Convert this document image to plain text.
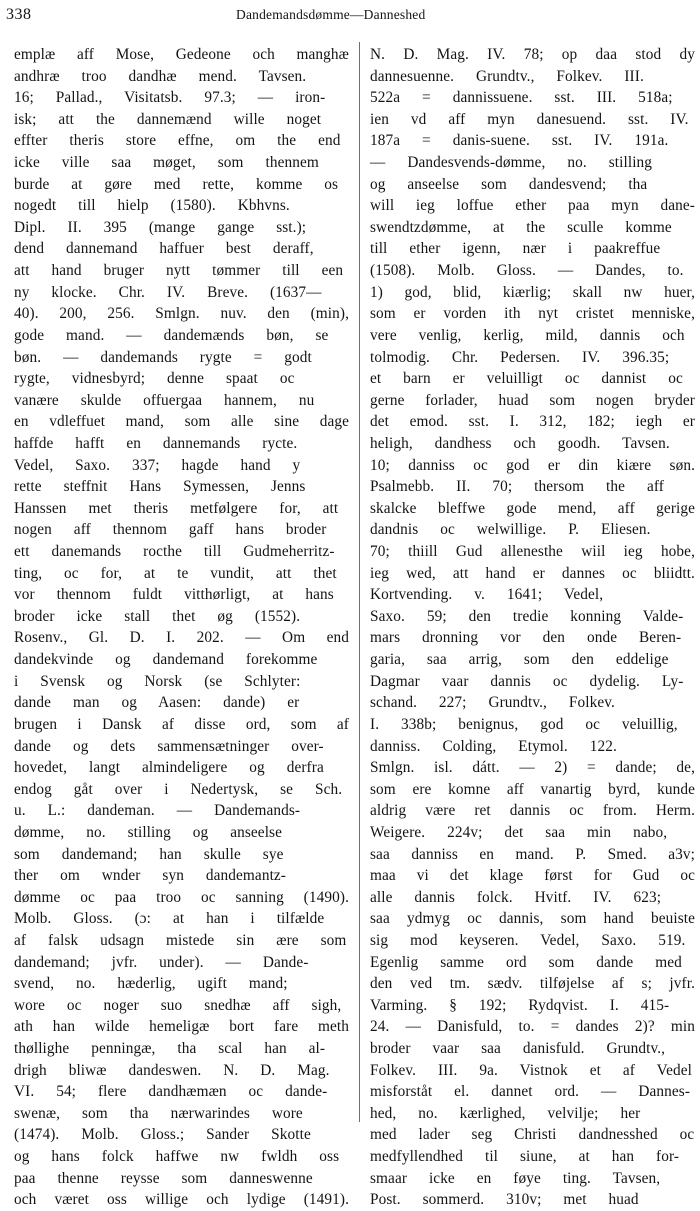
338	Dandemandsdømme—Danneshed
emplæ aff Mose, Gedeone och manghæ
andhræ troo dandhæ mend. Tavsen.
16; Pallad., Visitatsb. 97.3; — iron-
isk; att the dannemænd wille noget
effter theris store effne, om the end
icke ville saa møget, som thennem
burde at gøre med rette, komme os
nogedt till hielp (1580). Kbhvns.
Dipl. II. 395 (mange gange sst.);
dend dannemand haffuer best deraff,
att hand bruger nytt tømmer till een
ny klocke. Chr. IV. Breve. (1637—
40). 200, 256. Smlgn. nuv. den (min),
gode mand. — dandemænds bøn, se
bøn. — dandemands rygte = godt
rygte, vidnesbyrd; denne spaat oc
vanære skulde offuergaa hannem, nu
en vdleffuet mand, som alle sine dage
haffde hafft en dannemands rycte.
Vedel, Saxo. 337; hagde hand y
rette steffnit Hans Symessen, Jenns
Hanssen met theris metfølgere for, att
nogen aff thennom gaff hans broder
ett danemands rocthe till Gudmeherritz-
ting, oc for, at te vundit, att thet
vor thennom fuldt vitthørligt, at hans
broder icke stall thet øg (1552).
Rosenv., Gl. D. I. 202. — Om end
dandekvinde og dandemand forekomme
i Svensk og Norsk (se Schlyter:
dande man og Aasen: dande) er
brugen i Dansk af disse ord, som af
dande og dets sammensætninger over-
hovedet, langt almindeligere og derfra
endog gåt over i Nedertysk, se Sch.
u. L.: dandeman. — Dandemands-
dømme, no. stilling og anseelse
som dandemand; han skulle sye
ther om wnder syn dandemantz-
dømme oc paa troo oc sanning (1490).
Molb. Gloss. (ɔ: at han i tilfælde
af falsk udsagn mistede sin ære som
dandemand; jvfr. under). — Dande-
svend, no. hæderlig, ugift mand;
wore oc noger suo snedhæ aff sigh,
ath han wilde hemeligæ bort fare meth
thøllighe penningæ, tha scal han al-
drigh bliwæ dandeswen. N. D. Mag.
VI. 54; flere dandhæmæn oc dande-
swenæ, som tha nærwarindes wore
(1474). Molb. Gloss.; Sander Skotte
og hans folck haffwe nw fwldh oss
paa thenne reysse som danneswenne
och været oss willige och lydige (1491).
N. D. Mag. IV. 78; op daa stod dy
dannesuenne. Grundtv., Folkev. III.
522a = dannissuene. sst. III. 518a;
ien vd aff myn danesuend. sst. IV.
187a = danis-suene. sst. IV. 191a.
— Dandesvends-dømme, no. stilling
og anseelse som dandesvend; tha
will ieg loffue ether paa myn dane-
swendtzdømme, at the sculle komme
till ether igenn, nær i paakreffue
(1508). Molb. Gloss. — Dandes, to.
1) god, blid, kiærlig; skall nw huer,
som er vorden ith nyt cristet menniske,
vere venlig, kerlig, mild, dannis och
tolmodig. Chr. Pedersen. IV. 396.35;
et barn er veluilligt oc dannist oc
gerne forlader, huad som nogen bryder
det emod. sst. I. 312, 182; iegh er
heligh, dandhess och goodh. Tavsen.
10; danniss oc god er din kiære søn.
Psalmebb. II. 70; thersom the aff
skalcke bleffwe gode mend, aff gerige
dandnis oc welwillige. P. Eliesen.
70; thiill Gud allenesthe wiil ieg hobe,
ieg wed, att hand er dannes oc bliidtt.
Kortvending. v. 1641; Vedel,
Saxo. 59; den tredie konning Valde-
mars dronning vor den onde Beren-
garia, saa arrig, som den eddelige
Dagmar vaar dannis oc dydelig. Ly-
schand. 227; Grundtv., Folkev.
I. 338b; benignus, god oc veluillig,
danniss. Colding, Etymol. 122.
Smlgn. isl. dátt. — 2) = dande; de,
som ere komne aff vanartig byrd, kunde
aldrig være ret dannis oc from. Herm.
Weigere. 224v; det saa min nabo,
saa danniss en mand. P. Smed. a3v;
maa vi det klage først for Gud oc
alle dannis folck. Hvitf. IV. 623;
saa ydmyg oc dannis, som hand beuiste
sig mod keyseren. Vedel, Saxo. 519.
Egenlig samme ord som dande med
den ved tm. sædv. tilføjelse af s; jvfr.
Varming. § 192; Rydqvist. I. 415-
24. — Danisfuld, to. = dandes 2)? min
broder vaar saa danisfuld. Grundtv.,
Folkev. III. 9a. Vistnok et af Vedel
misforståt el. dannet ord. — Dannes-
hed, no. kærlighed, velvilje; her
med lader seg Christi dandnesshed oc
medfyllendhed til siune, at han for-
smaar icke en føye ting. Tavsen,
Post. sommerd. 310v; met huad
